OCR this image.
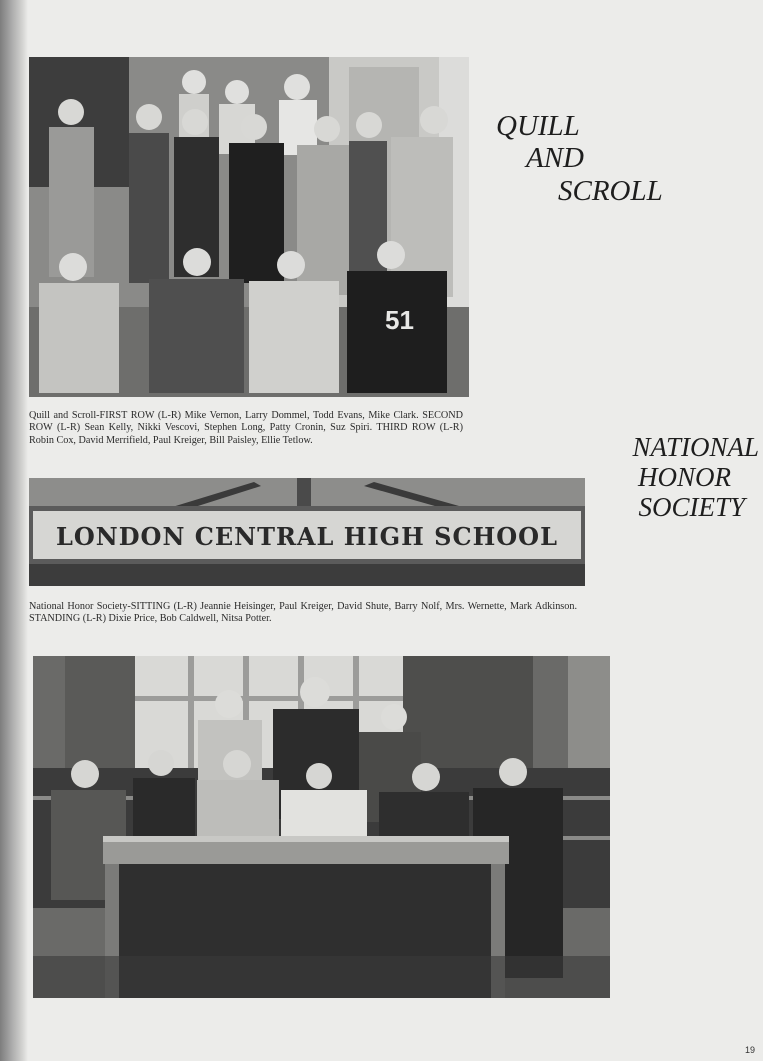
51
QUILL
AND
SCROLL

Quill and Scroll-FIRST ROW (L-R) Mike Vernon, Larry Dommel, Todd Evans, Mike Clark. SECOND ROW (L-R) Sean Kelly, Nikki Vescovi, Stephen Long, Patty Cronin, Suz Spiri. THIRD ROW (L-R) Robin Cox, David Merrifield, Paul Kreiger, Bill Paisley, Ellie Tetlow.	NATIONAL
HONOR
SOCIETY
LONDON CENTRAL HIGH SCHOOL

National Honor Society-SITTING (L-R) Jeannie Heisinger, Paul Kreiger, David Shute, Barry Nolf, Mrs. Wernette, Mark Adkinson. STANDING (L-R) Dixie Price, Bob Caldwell, Nitsa Potter.

19
